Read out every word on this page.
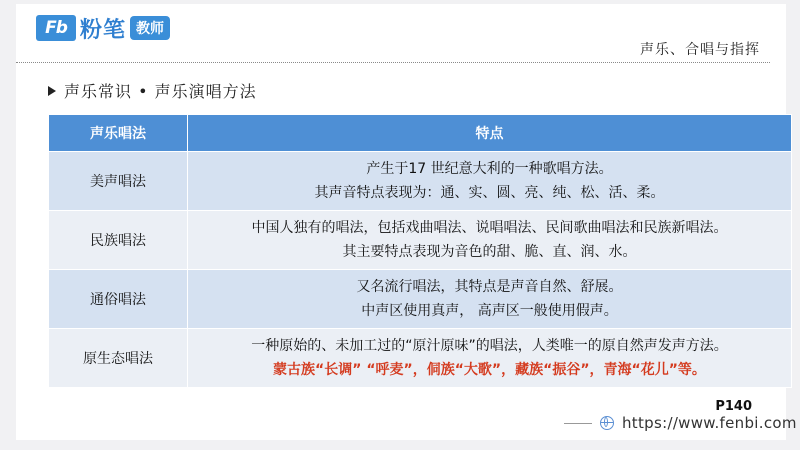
Fb 粉笔 教师
声乐、合唱与指挥
声乐常识 • 声乐演唱方法
声乐唱法	特点
美声唱法	产生于17 世纪意大利的一种歌唱方法。
其声音特点表现为：通、实、圆、亮、纯、松、活、柔。

民族唱法	中国人独有的唱法，包括戏曲唱法、说唱唱法、民间歌曲唱法和民族新唱法。
其主要特点表现为音色的甜、脆、直、润、水。

通俗唱法	又名流行唱法，其特点是声音自然、舒展。
中声区使用真声， 高声区一般使用假声。

原生态唱法	一种原始的、未加工过的“原汁原味”的唱法，人类唯一的原自然声发声方法。
蒙古族“长调” “呼麦”，侗族“大歌”，藏族“振谷”，青海“花儿”等。
P140
https://www.fenbi.com
